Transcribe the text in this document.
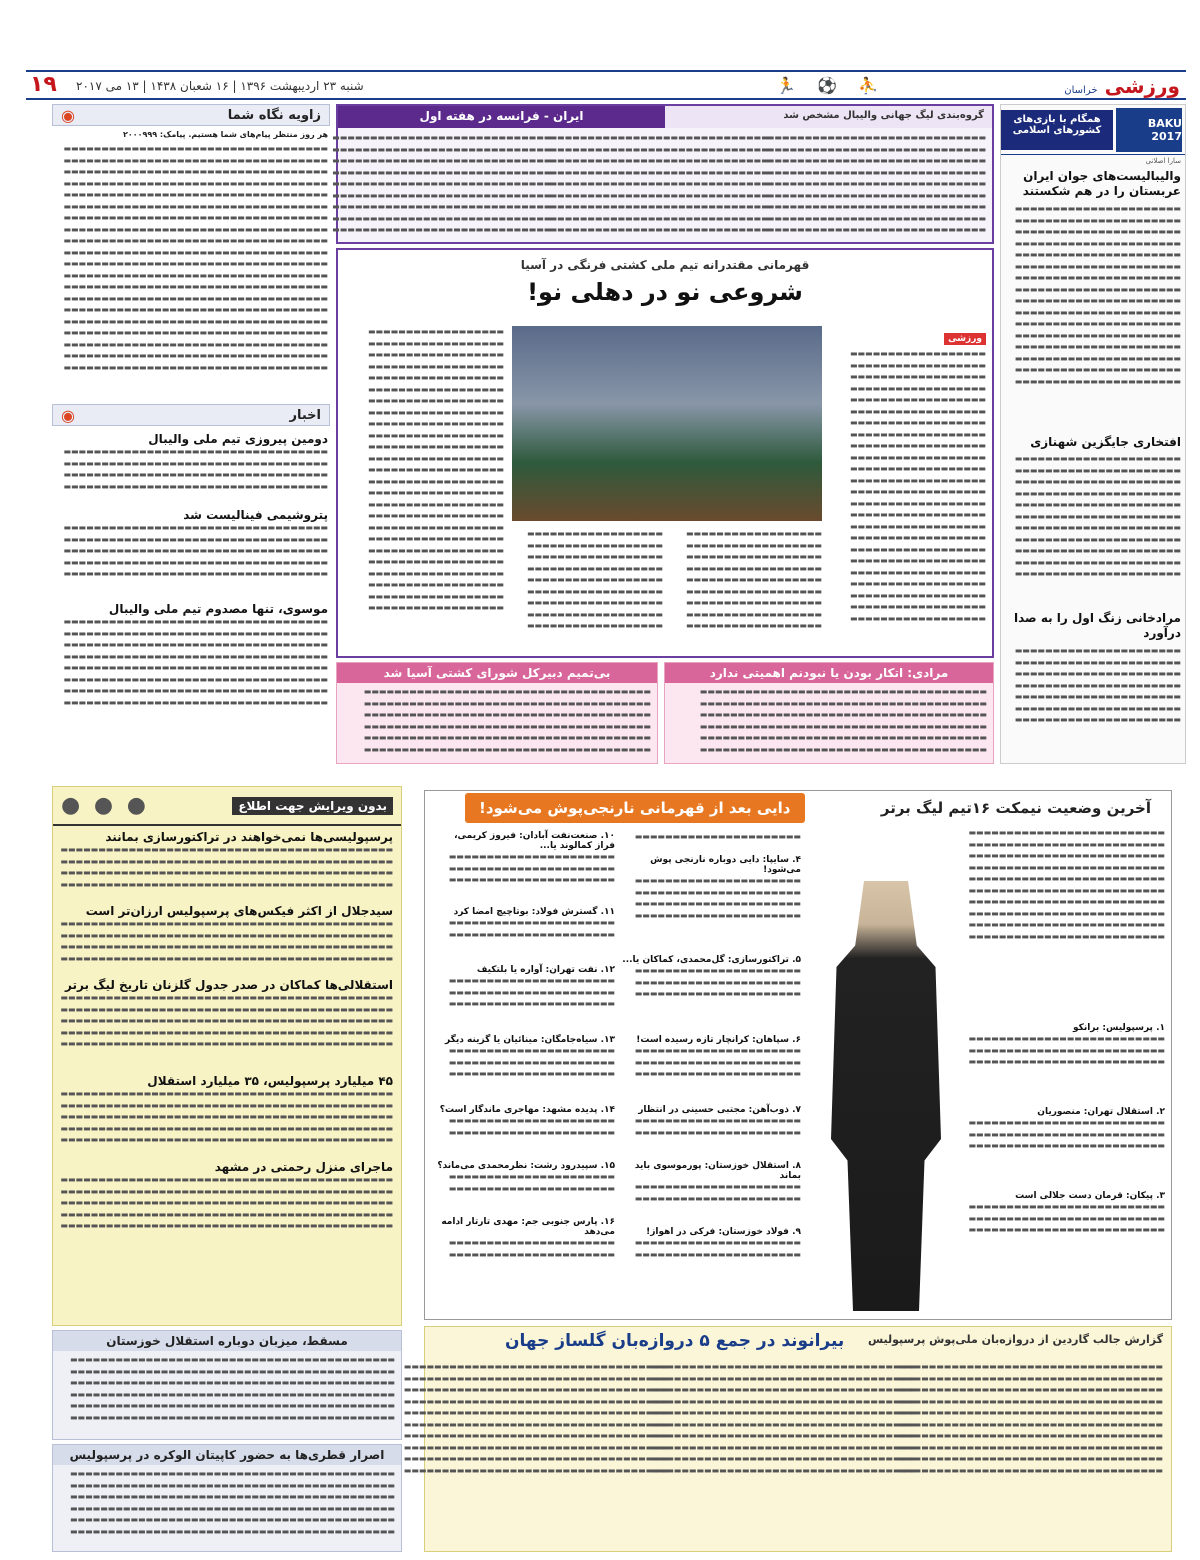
ورزشی خراسان
⛹ ⚽ 🏃
شنبه ۲۳ اردیبهشت ۱۳۹۶ | ۱۶ شعبان ۱۴۳۸ | ۱۳ می ۲۰۱۷
۱۹
BAKU 2017
همگام با بازی‌های کشورهای اسلامی
سارا اصلانی
والیبالیست‌های جوان ایران عربستان را در هم شکستند
▬▬▬▬▬▬▬▬▬▬▬▬▬▬▬▬▬▬▬▬▬▬ ▬▬▬▬▬▬▬▬▬▬▬▬▬▬▬▬▬▬▬▬▬▬ ▬▬▬▬▬▬▬▬▬▬▬▬▬▬▬▬▬▬▬▬▬▬ ▬▬▬▬▬▬▬▬▬▬▬▬▬▬▬▬▬▬▬▬▬▬ ▬▬▬▬▬▬▬▬▬▬▬▬▬▬▬▬▬▬▬▬▬▬ ▬▬▬▬▬▬▬▬▬▬▬▬▬▬▬▬▬▬▬▬▬▬ ▬▬▬▬▬▬▬▬▬▬▬▬▬▬▬▬▬▬▬▬▬▬ ▬▬▬▬▬▬▬▬▬▬▬▬▬▬▬▬▬▬▬▬▬▬ ▬▬▬▬▬▬▬▬▬▬▬▬▬▬▬▬▬▬▬▬▬▬ ▬▬▬▬▬▬▬▬▬▬▬▬▬▬▬▬▬▬▬▬▬▬ ▬▬▬▬▬▬▬▬▬▬▬▬▬▬▬▬▬▬▬▬▬▬ ▬▬▬▬▬▬▬▬▬▬▬▬▬▬▬▬▬▬▬▬▬▬ ▬▬▬▬▬▬▬▬▬▬▬▬▬▬▬▬▬▬▬▬▬▬ ▬▬▬▬▬▬▬▬▬▬▬▬▬▬▬▬▬▬▬▬▬▬ ▬▬▬▬▬▬▬▬▬▬▬▬▬▬▬▬▬▬▬▬▬▬ ▬▬▬▬▬▬▬▬▬▬▬▬▬▬▬▬▬▬▬▬▬▬
افتخاری جایگزین شهنازی
▬▬▬▬▬▬▬▬▬▬▬▬▬▬▬▬▬▬▬▬▬▬ ▬▬▬▬▬▬▬▬▬▬▬▬▬▬▬▬▬▬▬▬▬▬ ▬▬▬▬▬▬▬▬▬▬▬▬▬▬▬▬▬▬▬▬▬▬ ▬▬▬▬▬▬▬▬▬▬▬▬▬▬▬▬▬▬▬▬▬▬ ▬▬▬▬▬▬▬▬▬▬▬▬▬▬▬▬▬▬▬▬▬▬ ▬▬▬▬▬▬▬▬▬▬▬▬▬▬▬▬▬▬▬▬▬▬ ▬▬▬▬▬▬▬▬▬▬▬▬▬▬▬▬▬▬▬▬▬▬ ▬▬▬▬▬▬▬▬▬▬▬▬▬▬▬▬▬▬▬▬▬▬ ▬▬▬▬▬▬▬▬▬▬▬▬▬▬▬▬▬▬▬▬▬▬ ▬▬▬▬▬▬▬▬▬▬▬▬▬▬▬▬▬▬▬▬▬▬ ▬▬▬▬▬▬▬▬▬▬▬▬▬▬▬▬▬▬▬▬▬▬
مرادخانی زنگ اول را به صدا درآورد
▬▬▬▬▬▬▬▬▬▬▬▬▬▬▬▬▬▬▬▬▬▬ ▬▬▬▬▬▬▬▬▬▬▬▬▬▬▬▬▬▬▬▬▬▬ ▬▬▬▬▬▬▬▬▬▬▬▬▬▬▬▬▬▬▬▬▬▬ ▬▬▬▬▬▬▬▬▬▬▬▬▬▬▬▬▬▬▬▬▬▬ ▬▬▬▬▬▬▬▬▬▬▬▬▬▬▬▬▬▬▬▬▬▬ ▬▬▬▬▬▬▬▬▬▬▬▬▬▬▬▬▬▬▬▬▬▬ ▬▬▬▬▬▬▬▬▬▬▬▬▬▬▬▬▬▬▬▬▬▬
گروه‌بندی لیگ جهانی والیبال مشخص شد
ایران - فرانسه در هفته اول
▬▬▬▬▬▬▬▬▬▬▬▬▬▬▬▬▬▬▬▬▬▬▬▬▬▬▬▬▬ ▬▬▬▬▬▬▬▬▬▬▬▬▬▬▬▬▬▬▬▬▬▬▬▬▬▬▬▬▬ ▬▬▬▬▬▬▬▬▬▬▬▬▬▬▬▬▬▬▬▬▬▬▬▬▬▬▬▬▬ ▬▬▬▬▬▬▬▬▬▬▬▬▬▬▬▬▬▬▬▬▬▬▬▬▬▬▬▬▬ ▬▬▬▬▬▬▬▬▬▬▬▬▬▬▬▬▬▬▬▬▬▬▬▬▬▬▬▬▬ ▬▬▬▬▬▬▬▬▬▬▬▬▬▬▬▬▬▬▬▬▬▬▬▬▬▬▬▬▬ ▬▬▬▬▬▬▬▬▬▬▬▬▬▬▬▬▬▬▬▬▬▬▬▬▬▬▬▬▬ ▬▬▬▬▬▬▬▬▬▬▬▬▬▬▬▬▬▬▬▬▬▬▬▬▬▬▬▬▬ ▬▬▬▬▬▬▬▬▬▬▬▬▬▬▬▬▬▬▬▬▬▬▬▬▬▬▬▬▬ ▬▬▬▬▬▬▬▬▬▬▬▬▬▬▬▬▬▬▬▬▬▬▬▬▬▬▬▬▬ ▬▬▬▬▬▬▬▬▬▬▬▬▬▬▬▬▬▬▬▬▬▬▬▬▬▬▬▬▬ ▬▬▬▬▬▬▬▬▬▬▬▬▬▬▬▬▬▬▬▬▬▬▬▬▬▬▬▬▬ ▬▬▬▬▬▬▬▬▬▬▬▬▬▬▬▬▬▬▬▬▬▬▬▬▬▬▬▬▬ ▬▬▬▬▬▬▬▬▬▬▬▬▬▬▬▬▬▬▬▬▬▬▬▬▬▬▬▬▬ ▬▬▬▬▬▬▬▬▬▬▬▬▬▬▬▬▬▬▬▬▬▬▬▬▬▬▬▬▬ ▬▬▬▬▬▬▬▬▬▬▬▬▬▬▬▬▬▬▬▬▬▬▬▬▬▬▬▬▬ ▬▬▬▬▬▬▬▬▬▬▬▬▬▬▬▬▬▬▬▬▬▬▬▬▬▬▬▬▬ ▬▬▬▬▬▬▬▬▬▬▬▬▬▬▬▬▬▬▬▬▬▬▬▬▬▬▬▬▬ ▬▬▬▬▬▬▬▬▬▬▬▬▬▬▬▬▬▬▬▬▬▬▬▬▬▬▬▬▬ ▬▬▬▬▬▬▬▬▬▬▬▬▬▬▬▬▬▬▬▬▬▬▬▬▬▬▬▬▬ ▬▬▬▬▬▬▬▬▬▬▬▬▬▬▬▬▬▬▬▬▬▬▬▬▬▬▬▬▬ ▬▬▬▬▬▬▬▬▬▬▬▬▬▬▬▬▬▬▬▬▬▬▬▬▬▬▬▬▬ ▬▬▬▬▬▬▬▬▬▬▬▬▬▬▬▬▬▬▬▬▬▬▬▬▬▬▬▬▬ ▬▬▬▬▬▬▬▬▬▬▬▬▬▬▬▬▬▬▬▬▬▬▬▬▬▬▬▬▬ ▬▬▬▬▬▬▬▬▬▬▬▬▬▬▬▬▬▬▬▬▬▬▬▬▬▬▬▬▬ ▬▬▬▬▬▬▬▬▬▬▬▬▬▬▬▬▬▬▬▬▬▬▬▬▬▬▬▬▬ ▬▬▬▬▬▬▬▬▬▬▬▬▬▬▬▬▬▬▬▬▬▬▬▬▬▬▬▬▬
قهرمانی مقتدرانه تیم ملی کشتی فرنگی در آسیا
شروعی نو در دهلی نو!
ورزشی
▬▬▬▬▬▬▬▬▬▬▬▬▬▬▬▬▬▬ ▬▬▬▬▬▬▬▬▬▬▬▬▬▬▬▬▬▬ ▬▬▬▬▬▬▬▬▬▬▬▬▬▬▬▬▬▬ ▬▬▬▬▬▬▬▬▬▬▬▬▬▬▬▬▬▬ ▬▬▬▬▬▬▬▬▬▬▬▬▬▬▬▬▬▬ ▬▬▬▬▬▬▬▬▬▬▬▬▬▬▬▬▬▬ ▬▬▬▬▬▬▬▬▬▬▬▬▬▬▬▬▬▬ ▬▬▬▬▬▬▬▬▬▬▬▬▬▬▬▬▬▬ ▬▬▬▬▬▬▬▬▬▬▬▬▬▬▬▬▬▬ ▬▬▬▬▬▬▬▬▬▬▬▬▬▬▬▬▬▬ ▬▬▬▬▬▬▬▬▬▬▬▬▬▬▬▬▬▬ ▬▬▬▬▬▬▬▬▬▬▬▬▬▬▬▬▬▬ ▬▬▬▬▬▬▬▬▬▬▬▬▬▬▬▬▬▬ ▬▬▬▬▬▬▬▬▬▬▬▬▬▬▬▬▬▬ ▬▬▬▬▬▬▬▬▬▬▬▬▬▬▬▬▬▬ ▬▬▬▬▬▬▬▬▬▬▬▬▬▬▬▬▬▬ ▬▬▬▬▬▬▬▬▬▬▬▬▬▬▬▬▬▬ ▬▬▬▬▬▬▬▬▬▬▬▬▬▬▬▬▬▬ ▬▬▬▬▬▬▬▬▬▬▬▬▬▬▬▬▬▬ ▬▬▬▬▬▬▬▬▬▬▬▬▬▬▬▬▬▬ ▬▬▬▬▬▬▬▬▬▬▬▬▬▬▬▬▬▬ ▬▬▬▬▬▬▬▬▬▬▬▬▬▬▬▬▬▬ ▬▬▬▬▬▬▬▬▬▬▬▬▬▬▬▬▬▬ ▬▬▬▬▬▬▬▬▬▬▬▬▬▬▬▬▬▬
▬▬▬▬▬▬▬▬▬▬▬▬▬▬▬▬▬▬ ▬▬▬▬▬▬▬▬▬▬▬▬▬▬▬▬▬▬ ▬▬▬▬▬▬▬▬▬▬▬▬▬▬▬▬▬▬ ▬▬▬▬▬▬▬▬▬▬▬▬▬▬▬▬▬▬ ▬▬▬▬▬▬▬▬▬▬▬▬▬▬▬▬▬▬ ▬▬▬▬▬▬▬▬▬▬▬▬▬▬▬▬▬▬ ▬▬▬▬▬▬▬▬▬▬▬▬▬▬▬▬▬▬ ▬▬▬▬▬▬▬▬▬▬▬▬▬▬▬▬▬▬ ▬▬▬▬▬▬▬▬▬▬▬▬▬▬▬▬▬▬ ▬▬▬▬▬▬▬▬▬▬▬▬▬▬▬▬▬▬ ▬▬▬▬▬▬▬▬▬▬▬▬▬▬▬▬▬▬ ▬▬▬▬▬▬▬▬▬▬▬▬▬▬▬▬▬▬ ▬▬▬▬▬▬▬▬▬▬▬▬▬▬▬▬▬▬ ▬▬▬▬▬▬▬▬▬▬▬▬▬▬▬▬▬▬ ▬▬▬▬▬▬▬▬▬▬▬▬▬▬▬▬▬▬ ▬▬▬▬▬▬▬▬▬▬▬▬▬▬▬▬▬▬ ▬▬▬▬▬▬▬▬▬▬▬▬▬▬▬▬▬▬ ▬▬▬▬▬▬▬▬▬▬▬▬▬▬▬▬▬▬
▬▬▬▬▬▬▬▬▬▬▬▬▬▬▬▬▬▬ ▬▬▬▬▬▬▬▬▬▬▬▬▬▬▬▬▬▬ ▬▬▬▬▬▬▬▬▬▬▬▬▬▬▬▬▬▬ ▬▬▬▬▬▬▬▬▬▬▬▬▬▬▬▬▬▬ ▬▬▬▬▬▬▬▬▬▬▬▬▬▬▬▬▬▬ ▬▬▬▬▬▬▬▬▬▬▬▬▬▬▬▬▬▬ ▬▬▬▬▬▬▬▬▬▬▬▬▬▬▬▬▬▬ ▬▬▬▬▬▬▬▬▬▬▬▬▬▬▬▬▬▬ ▬▬▬▬▬▬▬▬▬▬▬▬▬▬▬▬▬▬ ▬▬▬▬▬▬▬▬▬▬▬▬▬▬▬▬▬▬ ▬▬▬▬▬▬▬▬▬▬▬▬▬▬▬▬▬▬ ▬▬▬▬▬▬▬▬▬▬▬▬▬▬▬▬▬▬ ▬▬▬▬▬▬▬▬▬▬▬▬▬▬▬▬▬▬ ▬▬▬▬▬▬▬▬▬▬▬▬▬▬▬▬▬▬ ▬▬▬▬▬▬▬▬▬▬▬▬▬▬▬▬▬▬ ▬▬▬▬▬▬▬▬▬▬▬▬▬▬▬▬▬▬ ▬▬▬▬▬▬▬▬▬▬▬▬▬▬▬▬▬▬ ▬▬▬▬▬▬▬▬▬▬▬▬▬▬▬▬▬▬ ▬▬▬▬▬▬▬▬▬▬▬▬▬▬▬▬▬▬ ▬▬▬▬▬▬▬▬▬▬▬▬▬▬▬▬▬▬ ▬▬▬▬▬▬▬▬▬▬▬▬▬▬▬▬▬▬ ▬▬▬▬▬▬▬▬▬▬▬▬▬▬▬▬▬▬ ▬▬▬▬▬▬▬▬▬▬▬▬▬▬▬▬▬▬ ▬▬▬▬▬▬▬▬▬▬▬▬▬▬▬▬▬▬ ▬▬▬▬▬▬▬▬▬▬▬▬▬▬▬▬▬▬
بی‌تمیم دبیرکل شورای کشتی آسیا شد
▬▬▬▬▬▬▬▬▬▬▬▬▬▬▬▬▬▬▬▬▬▬▬▬▬▬▬▬▬▬▬▬▬▬▬▬▬▬ ▬▬▬▬▬▬▬▬▬▬▬▬▬▬▬▬▬▬▬▬▬▬▬▬▬▬▬▬▬▬▬▬▬▬▬▬▬▬ ▬▬▬▬▬▬▬▬▬▬▬▬▬▬▬▬▬▬▬▬▬▬▬▬▬▬▬▬▬▬▬▬▬▬▬▬▬▬ ▬▬▬▬▬▬▬▬▬▬▬▬▬▬▬▬▬▬▬▬▬▬▬▬▬▬▬▬▬▬▬▬▬▬▬▬▬▬ ▬▬▬▬▬▬▬▬▬▬▬▬▬▬▬▬▬▬▬▬▬▬▬▬▬▬▬▬▬▬▬▬▬▬▬▬▬▬ ▬▬▬▬▬▬▬▬▬▬▬▬▬▬▬▬▬▬▬▬▬▬▬▬▬▬▬▬▬▬▬▬▬▬▬▬▬▬
مرادی: اتکار بودن یا نبودنم اهمیتی ندارد
▬▬▬▬▬▬▬▬▬▬▬▬▬▬▬▬▬▬▬▬▬▬▬▬▬▬▬▬▬▬▬▬▬▬▬▬▬▬ ▬▬▬▬▬▬▬▬▬▬▬▬▬▬▬▬▬▬▬▬▬▬▬▬▬▬▬▬▬▬▬▬▬▬▬▬▬▬ ▬▬▬▬▬▬▬▬▬▬▬▬▬▬▬▬▬▬▬▬▬▬▬▬▬▬▬▬▬▬▬▬▬▬▬▬▬▬ ▬▬▬▬▬▬▬▬▬▬▬▬▬▬▬▬▬▬▬▬▬▬▬▬▬▬▬▬▬▬▬▬▬▬▬▬▬▬ ▬▬▬▬▬▬▬▬▬▬▬▬▬▬▬▬▬▬▬▬▬▬▬▬▬▬▬▬▬▬▬▬▬▬▬▬▬▬ ▬▬▬▬▬▬▬▬▬▬▬▬▬▬▬▬▬▬▬▬▬▬▬▬▬▬▬▬▬▬▬▬▬▬▬▬▬▬
زاویه نگاه شما
◉
هر روز منتظر پیام‌های شما هستیم. پیامک: ۲۰۰۰۹۹۹
▬▬▬▬▬▬▬▬▬▬▬▬▬▬▬▬▬▬▬▬▬▬▬▬▬▬▬▬▬▬▬▬▬▬▬ ▬▬▬▬▬▬▬▬▬▬▬▬▬▬▬▬▬▬▬▬▬▬▬▬▬▬▬▬▬▬▬▬▬▬▬ ▬▬▬▬▬▬▬▬▬▬▬▬▬▬▬▬▬▬▬▬▬▬▬▬▬▬▬▬▬▬▬▬▬▬▬ ▬▬▬▬▬▬▬▬▬▬▬▬▬▬▬▬▬▬▬▬▬▬▬▬▬▬▬▬▬▬▬▬▬▬▬ ▬▬▬▬▬▬▬▬▬▬▬▬▬▬▬▬▬▬▬▬▬▬▬▬▬▬▬▬▬▬▬▬▬▬▬ ▬▬▬▬▬▬▬▬▬▬▬▬▬▬▬▬▬▬▬▬▬▬▬▬▬▬▬▬▬▬▬▬▬▬▬ ▬▬▬▬▬▬▬▬▬▬▬▬▬▬▬▬▬▬▬▬▬▬▬▬▬▬▬▬▬▬▬▬▬▬▬ ▬▬▬▬▬▬▬▬▬▬▬▬▬▬▬▬▬▬▬▬▬▬▬▬▬▬▬▬▬▬▬▬▬▬▬ ▬▬▬▬▬▬▬▬▬▬▬▬▬▬▬▬▬▬▬▬▬▬▬▬▬▬▬▬▬▬▬▬▬▬▬ ▬▬▬▬▬▬▬▬▬▬▬▬▬▬▬▬▬▬▬▬▬▬▬▬▬▬▬▬▬▬▬▬▬▬▬ ▬▬▬▬▬▬▬▬▬▬▬▬▬▬▬▬▬▬▬▬▬▬▬▬▬▬▬▬▬▬▬▬▬▬▬ ▬▬▬▬▬▬▬▬▬▬▬▬▬▬▬▬▬▬▬▬▬▬▬▬▬▬▬▬▬▬▬▬▬▬▬ ▬▬▬▬▬▬▬▬▬▬▬▬▬▬▬▬▬▬▬▬▬▬▬▬▬▬▬▬▬▬▬▬▬▬▬ ▬▬▬▬▬▬▬▬▬▬▬▬▬▬▬▬▬▬▬▬▬▬▬▬▬▬▬▬▬▬▬▬▬▬▬ ▬▬▬▬▬▬▬▬▬▬▬▬▬▬▬▬▬▬▬▬▬▬▬▬▬▬▬▬▬▬▬▬▬▬▬ ▬▬▬▬▬▬▬▬▬▬▬▬▬▬▬▬▬▬▬▬▬▬▬▬▬▬▬▬▬▬▬▬▬▬▬ ▬▬▬▬▬▬▬▬▬▬▬▬▬▬▬▬▬▬▬▬▬▬▬▬▬▬▬▬▬▬▬▬▬▬▬ ▬▬▬▬▬▬▬▬▬▬▬▬▬▬▬▬▬▬▬▬▬▬▬▬▬▬▬▬▬▬▬▬▬▬▬ ▬▬▬▬▬▬▬▬▬▬▬▬▬▬▬▬▬▬▬▬▬▬▬▬▬▬▬▬▬▬▬▬▬▬▬ ▬▬▬▬▬▬▬▬▬▬▬▬▬▬▬▬▬▬▬▬▬▬▬▬▬▬▬▬▬▬▬▬▬▬▬
اخبار
◉
دومین پیروزی تیم ملی والیبال
▬▬▬▬▬▬▬▬▬▬▬▬▬▬▬▬▬▬▬▬▬▬▬▬▬▬▬▬▬▬▬▬▬▬▬ ▬▬▬▬▬▬▬▬▬▬▬▬▬▬▬▬▬▬▬▬▬▬▬▬▬▬▬▬▬▬▬▬▬▬▬ ▬▬▬▬▬▬▬▬▬▬▬▬▬▬▬▬▬▬▬▬▬▬▬▬▬▬▬▬▬▬▬▬▬▬▬ ▬▬▬▬▬▬▬▬▬▬▬▬▬▬▬▬▬▬▬▬▬▬▬▬▬▬▬▬▬▬▬▬▬▬▬
پتروشیمی فینالیست شد
▬▬▬▬▬▬▬▬▬▬▬▬▬▬▬▬▬▬▬▬▬▬▬▬▬▬▬▬▬▬▬▬▬▬▬ ▬▬▬▬▬▬▬▬▬▬▬▬▬▬▬▬▬▬▬▬▬▬▬▬▬▬▬▬▬▬▬▬▬▬▬ ▬▬▬▬▬▬▬▬▬▬▬▬▬▬▬▬▬▬▬▬▬▬▬▬▬▬▬▬▬▬▬▬▬▬▬ ▬▬▬▬▬▬▬▬▬▬▬▬▬▬▬▬▬▬▬▬▬▬▬▬▬▬▬▬▬▬▬▬▬▬▬ ▬▬▬▬▬▬▬▬▬▬▬▬▬▬▬▬▬▬▬▬▬▬▬▬▬▬▬▬▬▬▬▬▬▬▬
موسوی، تنها مصدوم تیم ملی والیبال
▬▬▬▬▬▬▬▬▬▬▬▬▬▬▬▬▬▬▬▬▬▬▬▬▬▬▬▬▬▬▬▬▬▬▬ ▬▬▬▬▬▬▬▬▬▬▬▬▬▬▬▬▬▬▬▬▬▬▬▬▬▬▬▬▬▬▬▬▬▬▬ ▬▬▬▬▬▬▬▬▬▬▬▬▬▬▬▬▬▬▬▬▬▬▬▬▬▬▬▬▬▬▬▬▬▬▬ ▬▬▬▬▬▬▬▬▬▬▬▬▬▬▬▬▬▬▬▬▬▬▬▬▬▬▬▬▬▬▬▬▬▬▬ ▬▬▬▬▬▬▬▬▬▬▬▬▬▬▬▬▬▬▬▬▬▬▬▬▬▬▬▬▬▬▬▬▬▬▬ ▬▬▬▬▬▬▬▬▬▬▬▬▬▬▬▬▬▬▬▬▬▬▬▬▬▬▬▬▬▬▬▬▬▬▬ ▬▬▬▬▬▬▬▬▬▬▬▬▬▬▬▬▬▬▬▬▬▬▬▬▬▬▬▬▬▬▬▬▬▬▬ ▬▬▬▬▬▬▬▬▬▬▬▬▬▬▬▬▬▬▬▬▬▬▬▬▬▬▬▬▬▬▬▬▬▬▬
بدون ویرایش جهت اطلاع
● ● ●
پرسپولیسی‌ها نمی‌خواهند در تراکتورسازی بمانند
▬▬▬▬▬▬▬▬▬▬▬▬▬▬▬▬▬▬▬▬▬▬▬▬▬▬▬▬▬▬▬▬▬▬▬▬▬▬▬▬▬▬▬▬ ▬▬▬▬▬▬▬▬▬▬▬▬▬▬▬▬▬▬▬▬▬▬▬▬▬▬▬▬▬▬▬▬▬▬▬▬▬▬▬▬▬▬▬▬ ▬▬▬▬▬▬▬▬▬▬▬▬▬▬▬▬▬▬▬▬▬▬▬▬▬▬▬▬▬▬▬▬▬▬▬▬▬▬▬▬▬▬▬▬ ▬▬▬▬▬▬▬▬▬▬▬▬▬▬▬▬▬▬▬▬▬▬▬▬▬▬▬▬▬▬▬▬▬▬▬▬▬▬▬▬▬▬▬▬
سیدجلال از اکثر فیکس‌های پرسپولیس ارزان‌تر است
▬▬▬▬▬▬▬▬▬▬▬▬▬▬▬▬▬▬▬▬▬▬▬▬▬▬▬▬▬▬▬▬▬▬▬▬▬▬▬▬▬▬▬▬ ▬▬▬▬▬▬▬▬▬▬▬▬▬▬▬▬▬▬▬▬▬▬▬▬▬▬▬▬▬▬▬▬▬▬▬▬▬▬▬▬▬▬▬▬ ▬▬▬▬▬▬▬▬▬▬▬▬▬▬▬▬▬▬▬▬▬▬▬▬▬▬▬▬▬▬▬▬▬▬▬▬▬▬▬▬▬▬▬▬ ▬▬▬▬▬▬▬▬▬▬▬▬▬▬▬▬▬▬▬▬▬▬▬▬▬▬▬▬▬▬▬▬▬▬▬▬▬▬▬▬▬▬▬▬
استقلالی‌ها کماکان در صدر جدول گلزنان تاریخ لیگ برتر
▬▬▬▬▬▬▬▬▬▬▬▬▬▬▬▬▬▬▬▬▬▬▬▬▬▬▬▬▬▬▬▬▬▬▬▬▬▬▬▬▬▬▬▬ ▬▬▬▬▬▬▬▬▬▬▬▬▬▬▬▬▬▬▬▬▬▬▬▬▬▬▬▬▬▬▬▬▬▬▬▬▬▬▬▬▬▬▬▬ ▬▬▬▬▬▬▬▬▬▬▬▬▬▬▬▬▬▬▬▬▬▬▬▬▬▬▬▬▬▬▬▬▬▬▬▬▬▬▬▬▬▬▬▬ ▬▬▬▬▬▬▬▬▬▬▬▬▬▬▬▬▬▬▬▬▬▬▬▬▬▬▬▬▬▬▬▬▬▬▬▬▬▬▬▬▬▬▬▬ ▬▬▬▬▬▬▬▬▬▬▬▬▬▬▬▬▬▬▬▬▬▬▬▬▬▬▬▬▬▬▬▬▬▬▬▬▬▬▬▬▬▬▬▬
۴۵ میلیارد پرسپولیس، ۳۵ میلیارد استقلال
▬▬▬▬▬▬▬▬▬▬▬▬▬▬▬▬▬▬▬▬▬▬▬▬▬▬▬▬▬▬▬▬▬▬▬▬▬▬▬▬▬▬▬▬ ▬▬▬▬▬▬▬▬▬▬▬▬▬▬▬▬▬▬▬▬▬▬▬▬▬▬▬▬▬▬▬▬▬▬▬▬▬▬▬▬▬▬▬▬ ▬▬▬▬▬▬▬▬▬▬▬▬▬▬▬▬▬▬▬▬▬▬▬▬▬▬▬▬▬▬▬▬▬▬▬▬▬▬▬▬▬▬▬▬ ▬▬▬▬▬▬▬▬▬▬▬▬▬▬▬▬▬▬▬▬▬▬▬▬▬▬▬▬▬▬▬▬▬▬▬▬▬▬▬▬▬▬▬▬ ▬▬▬▬▬▬▬▬▬▬▬▬▬▬▬▬▬▬▬▬▬▬▬▬▬▬▬▬▬▬▬▬▬▬▬▬▬▬▬▬▬▬▬▬
ماجرای منزل رحمتی در مشهد
▬▬▬▬▬▬▬▬▬▬▬▬▬▬▬▬▬▬▬▬▬▬▬▬▬▬▬▬▬▬▬▬▬▬▬▬▬▬▬▬▬▬▬▬ ▬▬▬▬▬▬▬▬▬▬▬▬▬▬▬▬▬▬▬▬▬▬▬▬▬▬▬▬▬▬▬▬▬▬▬▬▬▬▬▬▬▬▬▬ ▬▬▬▬▬▬▬▬▬▬▬▬▬▬▬▬▬▬▬▬▬▬▬▬▬▬▬▬▬▬▬▬▬▬▬▬▬▬▬▬▬▬▬▬ ▬▬▬▬▬▬▬▬▬▬▬▬▬▬▬▬▬▬▬▬▬▬▬▬▬▬▬▬▬▬▬▬▬▬▬▬▬▬▬▬▬▬▬▬ ▬▬▬▬▬▬▬▬▬▬▬▬▬▬▬▬▬▬▬▬▬▬▬▬▬▬▬▬▬▬▬▬▬▬▬▬▬▬▬▬▬▬▬▬
مسقط، میزبان دوباره استقلال خوزستان
▬▬▬▬▬▬▬▬▬▬▬▬▬▬▬▬▬▬▬▬▬▬▬▬▬▬▬▬▬▬▬▬▬▬▬▬▬▬▬▬▬▬▬ ▬▬▬▬▬▬▬▬▬▬▬▬▬▬▬▬▬▬▬▬▬▬▬▬▬▬▬▬▬▬▬▬▬▬▬▬▬▬▬▬▬▬▬ ▬▬▬▬▬▬▬▬▬▬▬▬▬▬▬▬▬▬▬▬▬▬▬▬▬▬▬▬▬▬▬▬▬▬▬▬▬▬▬▬▬▬▬ ▬▬▬▬▬▬▬▬▬▬▬▬▬▬▬▬▬▬▬▬▬▬▬▬▬▬▬▬▬▬▬▬▬▬▬▬▬▬▬▬▬▬▬ ▬▬▬▬▬▬▬▬▬▬▬▬▬▬▬▬▬▬▬▬▬▬▬▬▬▬▬▬▬▬▬▬▬▬▬▬▬▬▬▬▬▬▬ ▬▬▬▬▬▬▬▬▬▬▬▬▬▬▬▬▬▬▬▬▬▬▬▬▬▬▬▬▬▬▬▬▬▬▬▬▬▬▬▬▬▬▬
اصرار قطری‌ها به حضور کاپیتان الوکره در پرسپولیس
▬▬▬▬▬▬▬▬▬▬▬▬▬▬▬▬▬▬▬▬▬▬▬▬▬▬▬▬▬▬▬▬▬▬▬▬▬▬▬▬▬▬▬ ▬▬▬▬▬▬▬▬▬▬▬▬▬▬▬▬▬▬▬▬▬▬▬▬▬▬▬▬▬▬▬▬▬▬▬▬▬▬▬▬▬▬▬ ▬▬▬▬▬▬▬▬▬▬▬▬▬▬▬▬▬▬▬▬▬▬▬▬▬▬▬▬▬▬▬▬▬▬▬▬▬▬▬▬▬▬▬ ▬▬▬▬▬▬▬▬▬▬▬▬▬▬▬▬▬▬▬▬▬▬▬▬▬▬▬▬▬▬▬▬▬▬▬▬▬▬▬▬▬▬▬ ▬▬▬▬▬▬▬▬▬▬▬▬▬▬▬▬▬▬▬▬▬▬▬▬▬▬▬▬▬▬▬▬▬▬▬▬▬▬▬▬▬▬▬ ▬▬▬▬▬▬▬▬▬▬▬▬▬▬▬▬▬▬▬▬▬▬▬▬▬▬▬▬▬▬▬▬▬▬▬▬▬▬▬▬▬▬▬
آخرین وضعیت نیمکت ۱۶تیم لیگ برتر
دایی بعد از قهرمانی نارنجی‌پوش می‌شود!
▬▬▬▬▬▬▬▬▬▬▬▬▬▬▬▬▬▬▬▬▬▬▬▬▬▬ ▬▬▬▬▬▬▬▬▬▬▬▬▬▬▬▬▬▬▬▬▬▬▬▬▬▬ ▬▬▬▬▬▬▬▬▬▬▬▬▬▬▬▬▬▬▬▬▬▬▬▬▬▬ ▬▬▬▬▬▬▬▬▬▬▬▬▬▬▬▬▬▬▬▬▬▬▬▬▬▬ ▬▬▬▬▬▬▬▬▬▬▬▬▬▬▬▬▬▬▬▬▬▬▬▬▬▬ ▬▬▬▬▬▬▬▬▬▬▬▬▬▬▬▬▬▬▬▬▬▬▬▬▬▬ ▬▬▬▬▬▬▬▬▬▬▬▬▬▬▬▬▬▬▬▬▬▬▬▬▬▬ ▬▬▬▬▬▬▬▬▬▬▬▬▬▬▬▬▬▬▬▬▬▬▬▬▬▬ ▬▬▬▬▬▬▬▬▬▬▬▬▬▬▬▬▬▬▬▬▬▬▬▬▬▬ ▬▬▬▬▬▬▬▬▬▬▬▬▬▬▬▬▬▬▬▬▬▬▬▬▬▬
۱. پرسپولیس: برانکو
▬▬▬▬▬▬▬▬▬▬▬▬▬▬▬▬▬▬▬▬▬▬▬▬▬▬ ▬▬▬▬▬▬▬▬▬▬▬▬▬▬▬▬▬▬▬▬▬▬▬▬▬▬ ▬▬▬▬▬▬▬▬▬▬▬▬▬▬▬▬▬▬▬▬▬▬▬▬▬▬
۲. استقلال تهران: منصوریان
▬▬▬▬▬▬▬▬▬▬▬▬▬▬▬▬▬▬▬▬▬▬▬▬▬▬ ▬▬▬▬▬▬▬▬▬▬▬▬▬▬▬▬▬▬▬▬▬▬▬▬▬▬ ▬▬▬▬▬▬▬▬▬▬▬▬▬▬▬▬▬▬▬▬▬▬▬▬▬▬
۳. پیکان: قرمان دست جلالی است
▬▬▬▬▬▬▬▬▬▬▬▬▬▬▬▬▬▬▬▬▬▬▬▬▬▬ ▬▬▬▬▬▬▬▬▬▬▬▬▬▬▬▬▬▬▬▬▬▬▬▬▬▬ ▬▬▬▬▬▬▬▬▬▬▬▬▬▬▬▬▬▬▬▬▬▬▬▬▬▬
▬▬▬▬▬▬▬▬▬▬▬▬▬▬▬▬▬▬▬▬▬▬
۴. سایپا: دایی دوباره نارنجی پوش می‌شود!
▬▬▬▬▬▬▬▬▬▬▬▬▬▬▬▬▬▬▬▬▬▬ ▬▬▬▬▬▬▬▬▬▬▬▬▬▬▬▬▬▬▬▬▬▬ ▬▬▬▬▬▬▬▬▬▬▬▬▬▬▬▬▬▬▬▬▬▬ ▬▬▬▬▬▬▬▬▬▬▬▬▬▬▬▬▬▬▬▬▬▬
۵. تراکتورسازی: گل‌محمدی، کماکان یا...
▬▬▬▬▬▬▬▬▬▬▬▬▬▬▬▬▬▬▬▬▬▬ ▬▬▬▬▬▬▬▬▬▬▬▬▬▬▬▬▬▬▬▬▬▬ ▬▬▬▬▬▬▬▬▬▬▬▬▬▬▬▬▬▬▬▬▬▬
۶. سپاهان: کرانچار تازه رسیده است!
▬▬▬▬▬▬▬▬▬▬▬▬▬▬▬▬▬▬▬▬▬▬ ▬▬▬▬▬▬▬▬▬▬▬▬▬▬▬▬▬▬▬▬▬▬ ▬▬▬▬▬▬▬▬▬▬▬▬▬▬▬▬▬▬▬▬▬▬
۷. ذوب‌آهن: مجتبی حسینی در انتظار
▬▬▬▬▬▬▬▬▬▬▬▬▬▬▬▬▬▬▬▬▬▬ ▬▬▬▬▬▬▬▬▬▬▬▬▬▬▬▬▬▬▬▬▬▬
۸. استقلال خوزستان: پورموسوی باید بماند
▬▬▬▬▬▬▬▬▬▬▬▬▬▬▬▬▬▬▬▬▬▬ ▬▬▬▬▬▬▬▬▬▬▬▬▬▬▬▬▬▬▬▬▬▬
۹. فولاد خوزستان: فرکی در اهواز!
▬▬▬▬▬▬▬▬▬▬▬▬▬▬▬▬▬▬▬▬▬▬ ▬▬▬▬▬▬▬▬▬▬▬▬▬▬▬▬▬▬▬▬▬▬
۱۰. صنعت‌نفت آبادان: فیروز کریمی، فراز کمالوند یا...
▬▬▬▬▬▬▬▬▬▬▬▬▬▬▬▬▬▬▬▬▬▬ ▬▬▬▬▬▬▬▬▬▬▬▬▬▬▬▬▬▬▬▬▬▬ ▬▬▬▬▬▬▬▬▬▬▬▬▬▬▬▬▬▬▬▬▬▬
۱۱. گسترش فولاد: بوتاچیچ امضا کرد
▬▬▬▬▬▬▬▬▬▬▬▬▬▬▬▬▬▬▬▬▬▬ ▬▬▬▬▬▬▬▬▬▬▬▬▬▬▬▬▬▬▬▬▬▬
۱۲. نفت تهران: آواره یا بلتکیف
▬▬▬▬▬▬▬▬▬▬▬▬▬▬▬▬▬▬▬▬▬▬ ▬▬▬▬▬▬▬▬▬▬▬▬▬▬▬▬▬▬▬▬▬▬ ▬▬▬▬▬▬▬▬▬▬▬▬▬▬▬▬▬▬▬▬▬▬
۱۳. سیاه‌جامگان: مینائیان یا گزینه دیگر
▬▬▬▬▬▬▬▬▬▬▬▬▬▬▬▬▬▬▬▬▬▬ ▬▬▬▬▬▬▬▬▬▬▬▬▬▬▬▬▬▬▬▬▬▬ ▬▬▬▬▬▬▬▬▬▬▬▬▬▬▬▬▬▬▬▬▬▬
۱۴. پدیده مشهد: مهاجری ماندگار است؟
▬▬▬▬▬▬▬▬▬▬▬▬▬▬▬▬▬▬▬▬▬▬ ▬▬▬▬▬▬▬▬▬▬▬▬▬▬▬▬▬▬▬▬▬▬
۱۵. سپیدرود رشت: نظرمحمدی می‌ماند؟
▬▬▬▬▬▬▬▬▬▬▬▬▬▬▬▬▬▬▬▬▬▬ ▬▬▬▬▬▬▬▬▬▬▬▬▬▬▬▬▬▬▬▬▬▬
۱۶. پارس جنوبی جم: مهدی تارتار ادامه می‌دهد
▬▬▬▬▬▬▬▬▬▬▬▬▬▬▬▬▬▬▬▬▬▬ ▬▬▬▬▬▬▬▬▬▬▬▬▬▬▬▬▬▬▬▬▬▬
گزارش جالب گاردین از دروازه‌بان ملی‌پوش پرسپولیس
بیرانوند در جمع ۵ دروازه‌بان گلساز جهان
▬▬▬▬▬▬▬▬▬▬▬▬▬▬▬▬▬▬▬▬▬▬▬▬▬▬▬▬▬▬▬▬▬▬▬ ▬▬▬▬▬▬▬▬▬▬▬▬▬▬▬▬▬▬▬▬▬▬▬▬▬▬▬▬▬▬▬▬▬▬▬ ▬▬▬▬▬▬▬▬▬▬▬▬▬▬▬▬▬▬▬▬▬▬▬▬▬▬▬▬▬▬▬▬▬▬▬ ▬▬▬▬▬▬▬▬▬▬▬▬▬▬▬▬▬▬▬▬▬▬▬▬▬▬▬▬▬▬▬▬▬▬▬ ▬▬▬▬▬▬▬▬▬▬▬▬▬▬▬▬▬▬▬▬▬▬▬▬▬▬▬▬▬▬▬▬▬▬▬ ▬▬▬▬▬▬▬▬▬▬▬▬▬▬▬▬▬▬▬▬▬▬▬▬▬▬▬▬▬▬▬▬▬▬▬ ▬▬▬▬▬▬▬▬▬▬▬▬▬▬▬▬▬▬▬▬▬▬▬▬▬▬▬▬▬▬▬▬▬▬▬ ▬▬▬▬▬▬▬▬▬▬▬▬▬▬▬▬▬▬▬▬▬▬▬▬▬▬▬▬▬▬▬▬▬▬▬ ▬▬▬▬▬▬▬▬▬▬▬▬▬▬▬▬▬▬▬▬▬▬▬▬▬▬▬▬▬▬▬▬▬▬▬ ▬▬▬▬▬▬▬▬▬▬▬▬▬▬▬▬▬▬▬▬▬▬▬▬▬▬▬▬▬▬▬▬▬▬▬ ▬▬▬▬▬▬▬▬▬▬▬▬▬▬▬▬▬▬▬▬▬▬▬▬▬▬▬▬▬▬▬▬▬▬▬ ▬▬▬▬▬▬▬▬▬▬▬▬▬▬▬▬▬▬▬▬▬▬▬▬▬▬▬▬▬▬▬▬▬▬▬ ▬▬▬▬▬▬▬▬▬▬▬▬▬▬▬▬▬▬▬▬▬▬▬▬▬▬▬▬▬▬▬▬▬▬▬ ▬▬▬▬▬▬▬▬▬▬▬▬▬▬▬▬▬▬▬▬▬▬▬▬▬▬▬▬▬▬▬▬▬▬▬ ▬▬▬▬▬▬▬▬▬▬▬▬▬▬▬▬▬▬▬▬▬▬▬▬▬▬▬▬▬▬▬▬▬▬▬ ▬▬▬▬▬▬▬▬▬▬▬▬▬▬▬▬▬▬▬▬▬▬▬▬▬▬▬▬▬▬▬▬▬▬▬ ▬▬▬▬▬▬▬▬▬▬▬▬▬▬▬▬▬▬▬▬▬▬▬▬▬▬▬▬▬▬▬▬▬▬▬ ▬▬▬▬▬▬▬▬▬▬▬▬▬▬▬▬▬▬▬▬▬▬▬▬▬▬▬▬▬▬▬▬▬▬▬ ▬▬▬▬▬▬▬▬▬▬▬▬▬▬▬▬▬▬▬▬▬▬▬▬▬▬▬▬▬▬▬▬▬▬▬ ▬▬▬▬▬▬▬▬▬▬▬▬▬▬▬▬▬▬▬▬▬▬▬▬▬▬▬▬▬▬▬▬▬▬▬ ▬▬▬▬▬▬▬▬▬▬▬▬▬▬▬▬▬▬▬▬▬▬▬▬▬▬▬▬▬▬▬▬▬▬▬ ▬▬▬▬▬▬▬▬▬▬▬▬▬▬▬▬▬▬▬▬▬▬▬▬▬▬▬▬▬▬▬▬▬▬▬ ▬▬▬▬▬▬▬▬▬▬▬▬▬▬▬▬▬▬▬▬▬▬▬▬▬▬▬▬▬▬▬▬▬▬▬ ▬▬▬▬▬▬▬▬▬▬▬▬▬▬▬▬▬▬▬▬▬▬▬▬▬▬▬▬▬▬▬▬▬▬▬ ▬▬▬▬▬▬▬▬▬▬▬▬▬▬▬▬▬▬▬▬▬▬▬▬▬▬▬▬▬▬▬▬▬▬▬ ▬▬▬▬▬▬▬▬▬▬▬▬▬▬▬▬▬▬▬▬▬▬▬▬▬▬▬▬▬▬▬▬▬▬▬ ▬▬▬▬▬▬▬▬▬▬▬▬▬▬▬▬▬▬▬▬▬▬▬▬▬▬▬▬▬▬▬▬▬▬▬ ▬▬▬▬▬▬▬▬▬▬▬▬▬▬▬▬▬▬▬▬▬▬▬▬▬▬▬▬▬▬▬▬▬▬▬ ▬▬▬▬▬▬▬▬▬▬▬▬▬▬▬▬▬▬▬▬▬▬▬▬▬▬▬▬▬▬▬▬▬▬▬ ▬▬▬▬▬▬▬▬▬▬▬▬▬▬▬▬▬▬▬▬▬▬▬▬▬▬▬▬▬▬▬▬▬▬▬
